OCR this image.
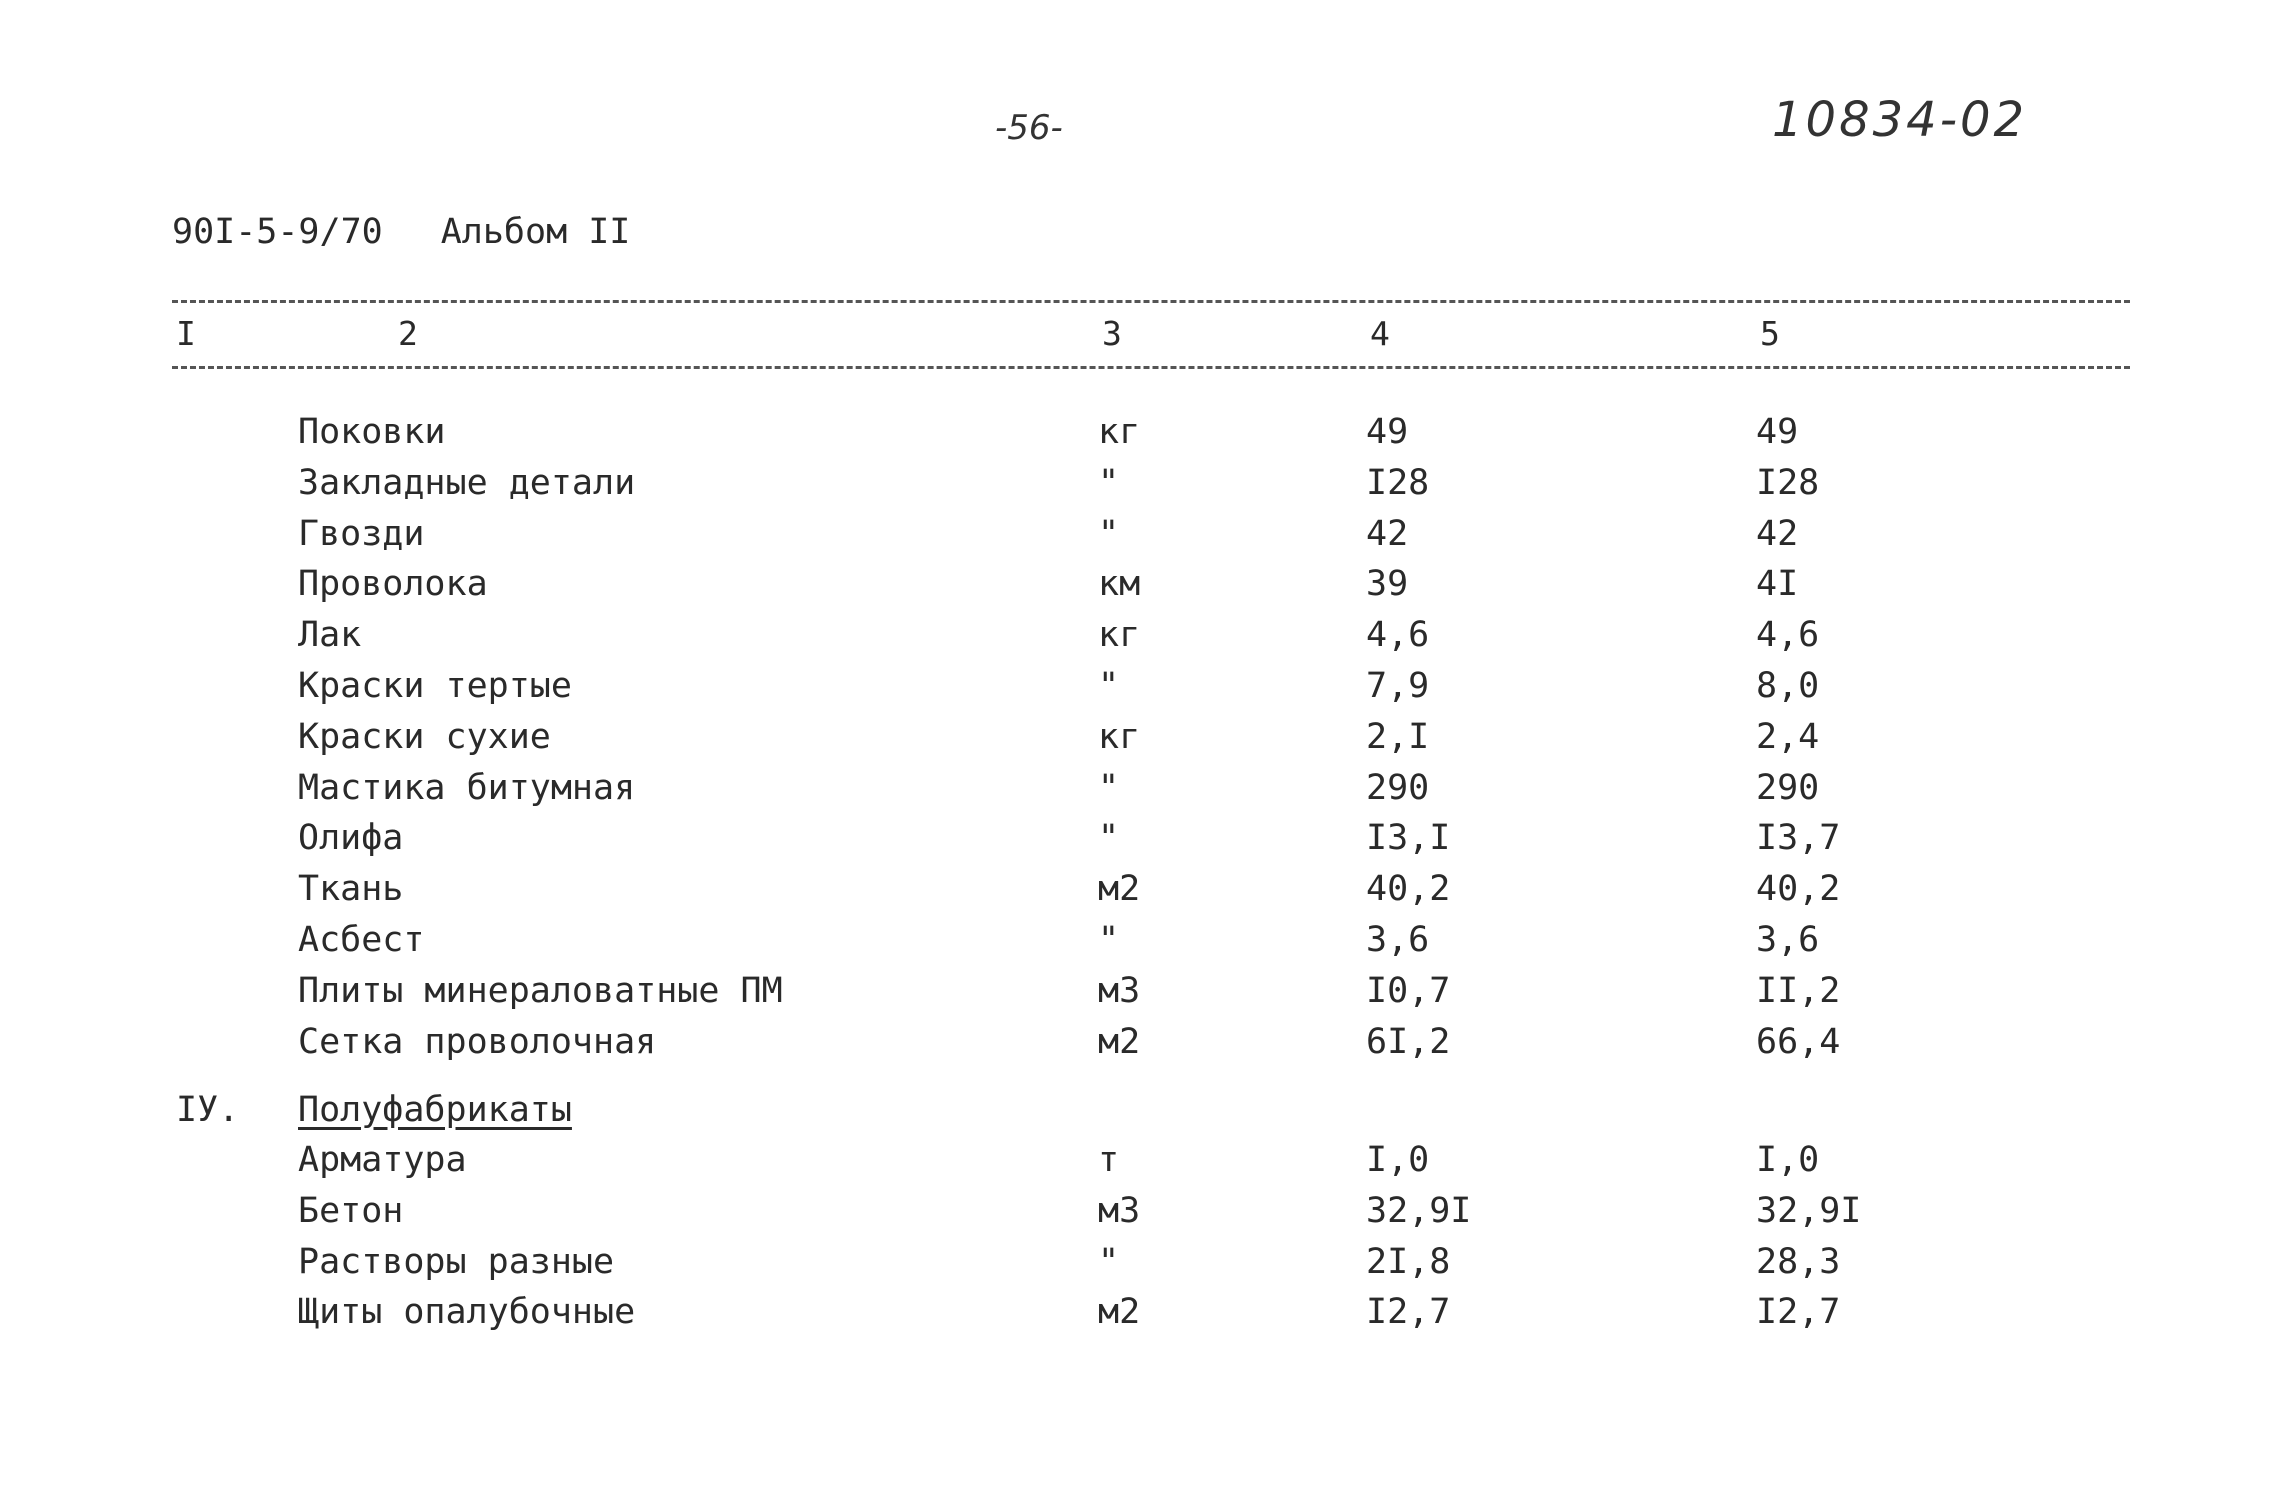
-56-	10834-02
90I-5-9/70 Альбом II
I	2	3	4	5
Поковки	кг	49	49
Закладные детали	"	I28	I28
Гвозди	"	42	42
Проволока	км	39	4I
Лак	кг	4,6	4,6
Краски тертые	"	7,9	8,0
Краски сухие	кг	2,I	2,4
Мастика битумная	"	290	290
Олифа	"	I3,I	I3,7
Ткань	м2	40,2	40,2
Асбест	"	3,6	3,6
Плиты минераловатные ПМ	м3	I0,7	II,2
Сетка проволочная	м2	6I,2	66,4
IУ. Полуфабрикаты
Арматура	т	I,0	I,0
Бетон	м3	32,9I	32,9I
Растворы разные	"	2I,8	28,3
Щиты опалубочные	м2	I2,7	I2,7
